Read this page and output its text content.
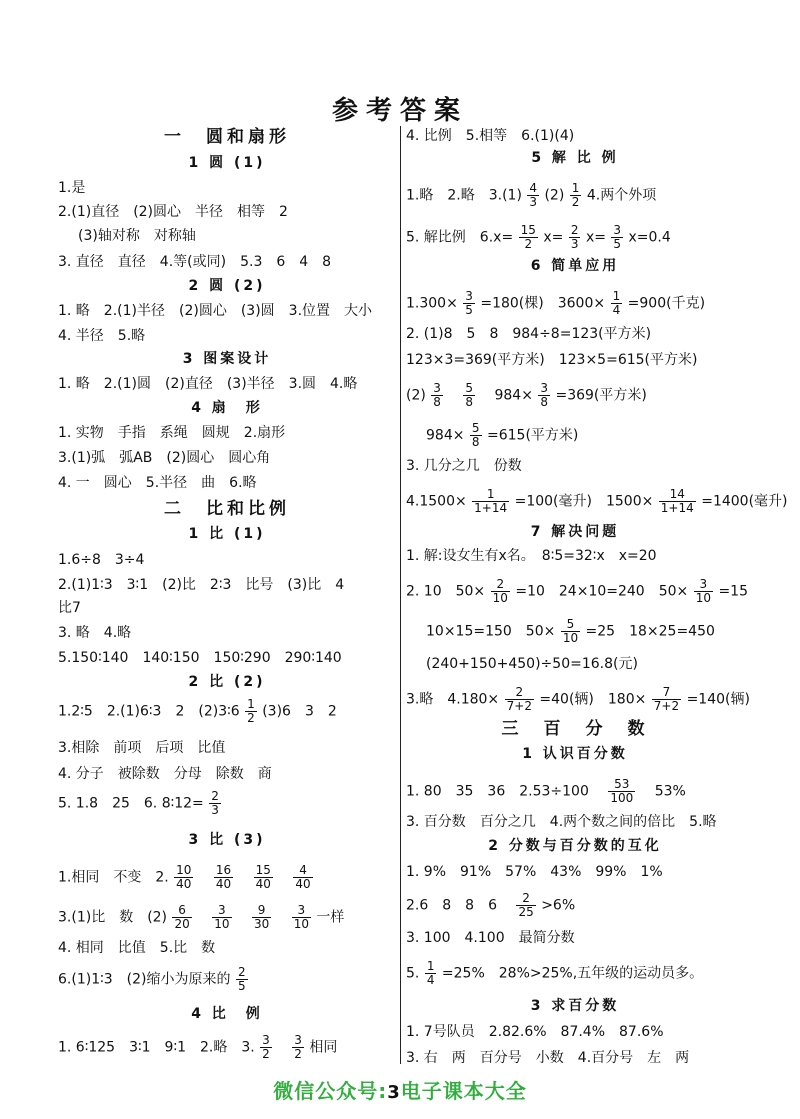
参考答案
一　圆和扇形
1 圆 (1)
1.是
2.(1)直径　(2)圆心　半径　相等　2
(3)轴对称　对称轴
3. 直径　直径　4.等(或同)　5.3　6　4　8
2 圆 (2)
1. 略　2.(1)半径　(2)圆心　(3)圆　3.位置　大小
4. 半径　5.略
3 图案设计
1. 略　2.(1)圆　(2)直径　(3)半径　3.圆　4.略
4 扇　形
1. 实物　手指　系绳　圆规　2.扇形
3.(1)弧　弧AB　(2)圆心　圆心角
4. 一　圆心　5.半径　曲　6.略
二　比和比例
1 比 (1)
1.6÷8　3÷4
2.(1)1∶3　3∶1　(2)比　2∶3　比号　(3)比　4
比7
3. 略　4.略
5.150∶140　140∶150　150∶290　290∶140
2 比 (2)
1.2∶5　2.(1)6∶3　2　(2)3∶6 $\frac{1}{2} (3)6$　3　2
3.相除　前项　后项　比值
4. 分子　被除数　分母　除数　商
5. 1.8　25　6. 8∶12= $\frac{2}{3}$
3 比 (3)
1.相同　不变　2. $\frac{10}{40}$
　 $\frac{16}{40}$
　 $\frac{15}{40}$
　 $\frac{4}{40}$
3.(1)比　数　$(2) \frac{6}{20}$
　 $\frac{3}{10}$
　 $\frac{9}{30}$
　 $\frac{3}{10}$ 一样
4. 相同　比值　5.比　数
6.(1)1∶3　(2)缩小为原来的 $\frac{2}{5}$
4 比　例
1. 6∶125　3∶1　9∶1　2.略　3. $\frac{3}{2}$
　 $\frac{3}{2}$ 相同
4. 比例　5.相等　6.(1)(4)
5 解 比 例
1.略　2.略　$3.(1) \frac{4}{3} (2) \frac{1}{2} 4$.两个外项
5. 解比例　$6.x= \frac{15}{2} x= \frac{2}{3} x= \frac{3}{5} x=0.4$
6 简单应用
$1.300\times \frac{3}{5} =180$(棵)　$3600\times \frac{1}{4} =900$(千克)
2. (1)8　5　8　984÷8=123(平方米)
123×3=369(平方米)　123×5=615(平方米)
$(2) \frac{3}{8}$
　 $\frac{5}{8}$
　 $984\times \frac{3}{8} =369$(平方米)
$984\times \frac{5}{8} =615$(平方米)
3. 几分之几　份数
$4.1500\times \frac{1}{1+14} =100$(毫升)　$1500\times \frac{14}{1+14} =1400$(毫升)
7 解决问题
1. 解:设女生有x名。　8∶5=32∶x　x=20
2. 10　$50\times \frac{2}{10} =10$　24×10=240　$50\times \frac{3}{10} =15$
10×15=150　$50\times \frac{5}{10} =25$　18×25=450
(240+150+450)÷50=16.8(元)
3.略　$4.180\times \frac{2}{7+2} =40$(辆)　$180\times \frac{7}{7+2} =140$(辆)
三　百　分　数
1 认识百分数
1. 80　35　36　2.53÷100　 $\frac{53}{100}$
　 53%
3. 百分数　百分之几　4.两个数之间的倍比　5.略
2 分数与百分数的互化
1. 9%　91%　57%　43%　99%　1%
2.6　8　8　6　 $\frac{2}{25} >6\%$
3. 100　4.100　最简分数
5. $\frac{1}{4} =25\%$　28%>25%,五年级的运动员多。
3 求百分数
1. 7号队员　2.82.6%　87.4%　87.6%
3. 右　两　百分号　小数　4.百分号　左　两
微信公众号:3电子课本大全
